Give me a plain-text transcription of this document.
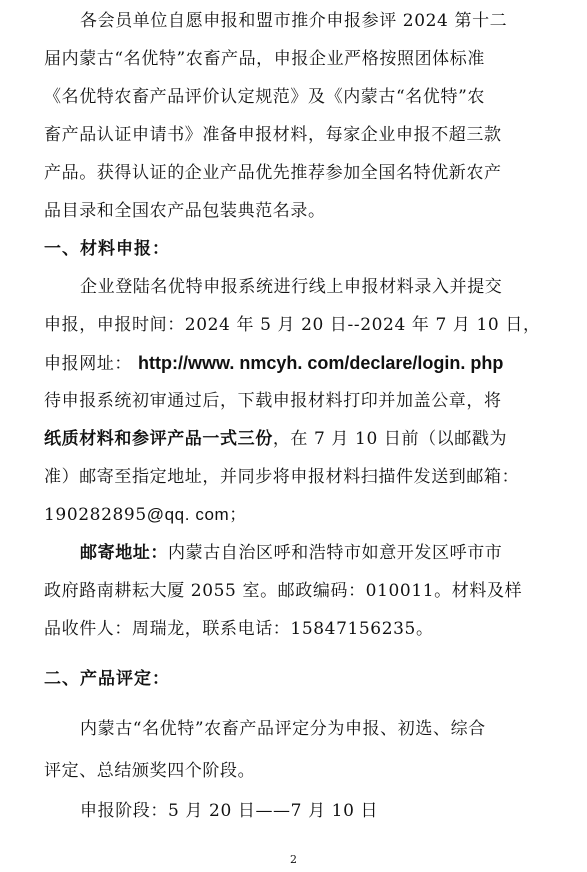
各会员单位自愿申报和盟市推介申报参评 2024 第十二
届内蒙古“名优特”农畜产品，申报企业严格按照团体标准
《名优特农畜产品评价认定规范》及《内蒙古“名优特”农
畜产品认证申请书》准备申报材料，每家企业申报不超三款
产品。获得认证的企业产品优先推荐参加全国名特优新农产
品目录和全国农产品包装典范名录。
一、材料申报：
企业登陆名优特申报系统进行线上申报材料录入并提交
申报，申报时间：2024 年 5 月 20 日--2024 年 7 月 10 日，
申报网址： http://www. nmcyh. com/declare/login. php
待申报系统初审通过后，下载申报材料打印并加盖公章，将
纸质材料和参评产品一式三份，在 7 月 10 日前（以邮戳为
准）邮寄至指定地址，并同步将申报材料扫描件发送到邮箱：
190282895@qq. com；
邮寄地址：内蒙古自治区呼和浩特市如意开发区呼市市
政府路南耕耘大厦 2055 室。邮政编码：010011。材料及样
品收件人：周瑞龙，联系电话：15847156235。
二、产品评定：
内蒙古“名优特”农畜产品评定分为申报、初选、综合
评定、总结颁奖四个阶段。
申报阶段：5 月 20 日——7 月 10 日
2
